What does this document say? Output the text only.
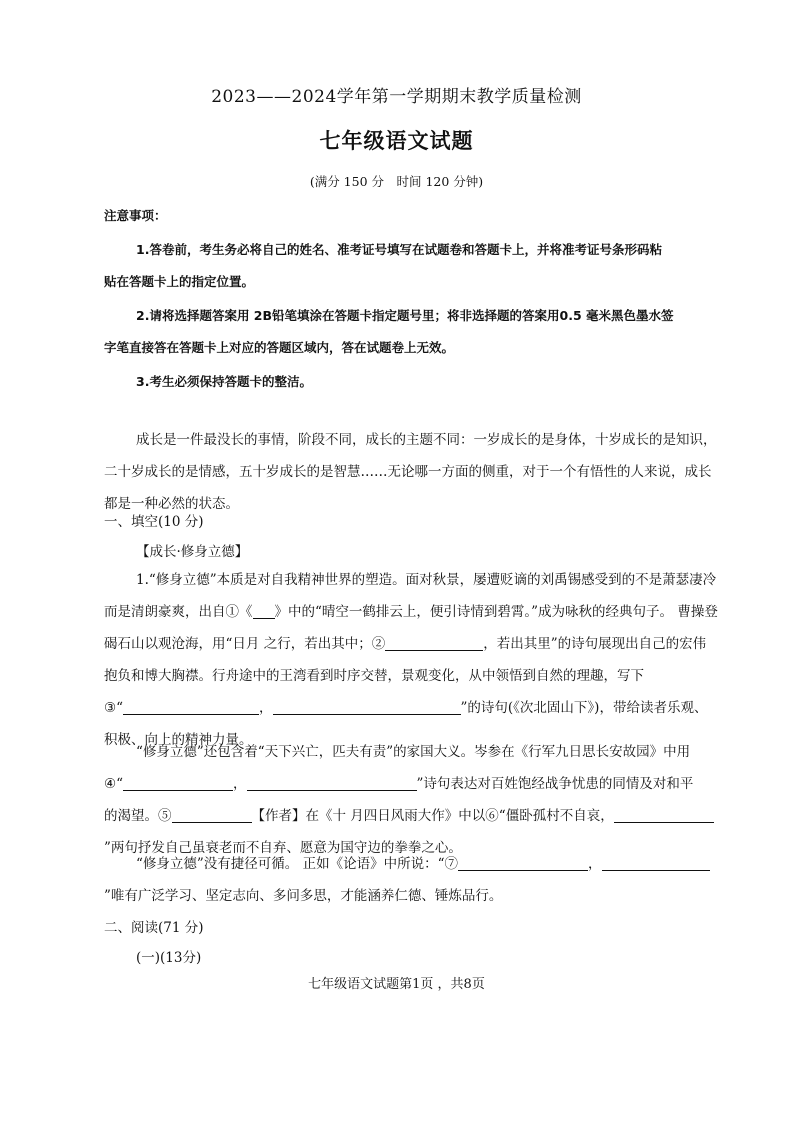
2023——2024学年第一学期期末教学质量检测
七年级语文试题
(满分 150 分　时间 120 分钟)
注意事项：

1.答卷前，考生务必将自己的姓名、准考证号填写在试题卷和答题卡上，并将准考证号条形码粘

贴在答题卡上的指定位置。

2.请将选择题答案用 2B铅笔填涂在答题卡指定题号里；将非选择题的答案用0.5 毫米黑色墨水签

字笔直接答在答题卡上对应的答题区域内，答在试题卷上无效。

3.考生必须保持答题卡的整洁。

成长是一件最没长的事情，阶段不同，成长的主题不同：一岁成长的是身体，十岁成长的是知识，

二十岁成长的是情感，五十岁成长的是智慧……无论哪一方面的侧重，对于一个有悟性的人来说，成长

都是一种必然的状态。

一、填空(10 分)
【成长·修身立德】

1.“修身立德”本质是对自我精神世界的塑造。面对秋景，屡遭贬谪的刘禹锡感受到的不是萧瑟凄冷

而是清朗豪爽，出自①《 》中的“晴空一鹤排云上，便引诗情到碧霄。”成为咏秋的经典句子。 曹操登

碣石山以观沧海，用“日月 之行，若出其中；②	，若出其里”的诗句展现出自己的宏伟

抱负和博大胸襟。行舟途中的王湾看到时序交替，景观变化，从中领悟到自然的理趣，写下

③“	，	”的诗句(《次北固山下》)，带给读者乐观、

积极、向上的精神力量。

“修身立德”还包含着“天下兴亡，匹夫有责”的家国大义。岑参在《行军九日思长安故园》中用

④“	，	”诗句表达对百姓饱经战争忧患的同情及对和平

的渴望。⑤	【作者】在《十 月四日风雨大作》中以⑥“僵卧孤村不自哀，

”两句抒发自己虽衰老而不自弃、愿意为国守边的拳拳之心。

“修身立德”没有捷径可循。 正如《论语》中所说：“⑦	，

”唯有广泛学习、坚定志向、多问多思，才能涵养仁德、锤炼品行。

二、阅读(71 分)
(一)(13分)
七年级语文试题第1页 ，共8页
